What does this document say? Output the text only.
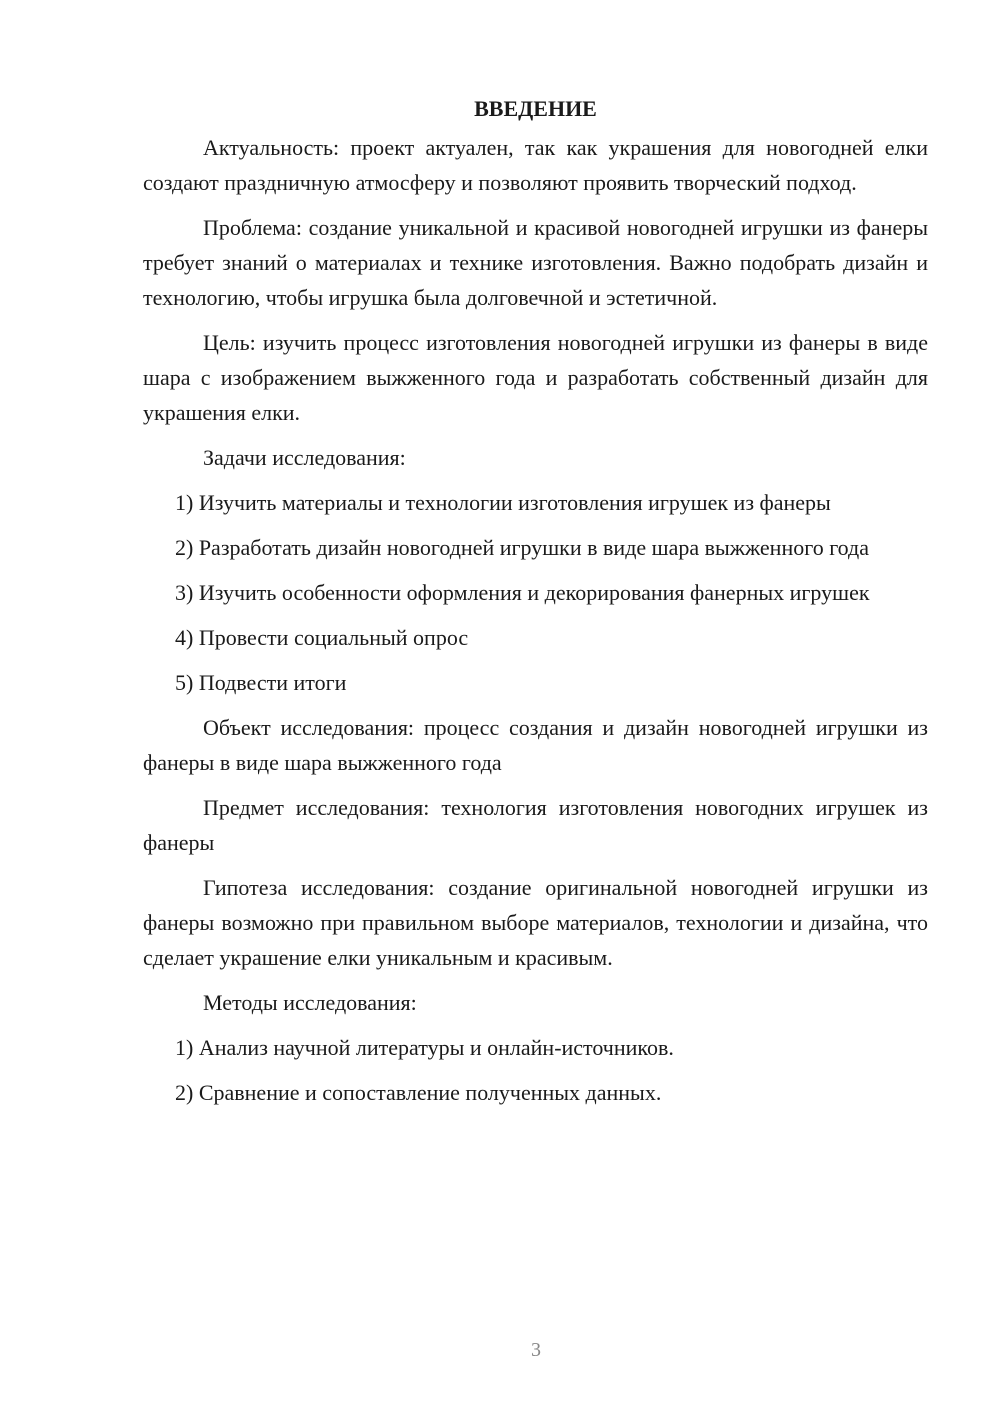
ВВЕДЕНИЕ

Актуальность: проект актуален, так как украшения для новогодней елки создают праздничную атмосферу и позволяют проявить творческий подход.

Проблема: создание уникальной и красивой новогодней игрушки из фанеры требует знаний о материалах и технике изготовления. Важно подобрать дизайн и технологию, чтобы игрушка была долговечной и эстетичной.

Цель: изучить процесс изготовления новогодней игрушки из фанеры в виде шара с изображением выжженного года и разработать собственный дизайн для украшения елки.

Задачи исследования:

1) Изучить материалы и технологии изготовления игрушек из фанеры

2) Разработать дизайн новогодней игрушки в виде шара выжженного года

3) Изучить особенности оформления и декорирования фанерных игрушек

4) Провести социальный опрос

5) Подвести итоги

Объект исследования: процесс создания и дизайн новогодней игрушки из фанеры в виде шара выжженного года

Предмет исследования: технология изготовления новогодних игрушек из фанеры

Гипотеза исследования: создание оригинальной новогодней игрушки из фанеры возможно при правильном выборе материалов, технологии и дизайна, что сделает украшение елки уникальным и красивым.

Методы исследования:

1) Анализ научной литературы и онлайн-источников.

2) Сравнение и сопоставление полученных данных.

3
